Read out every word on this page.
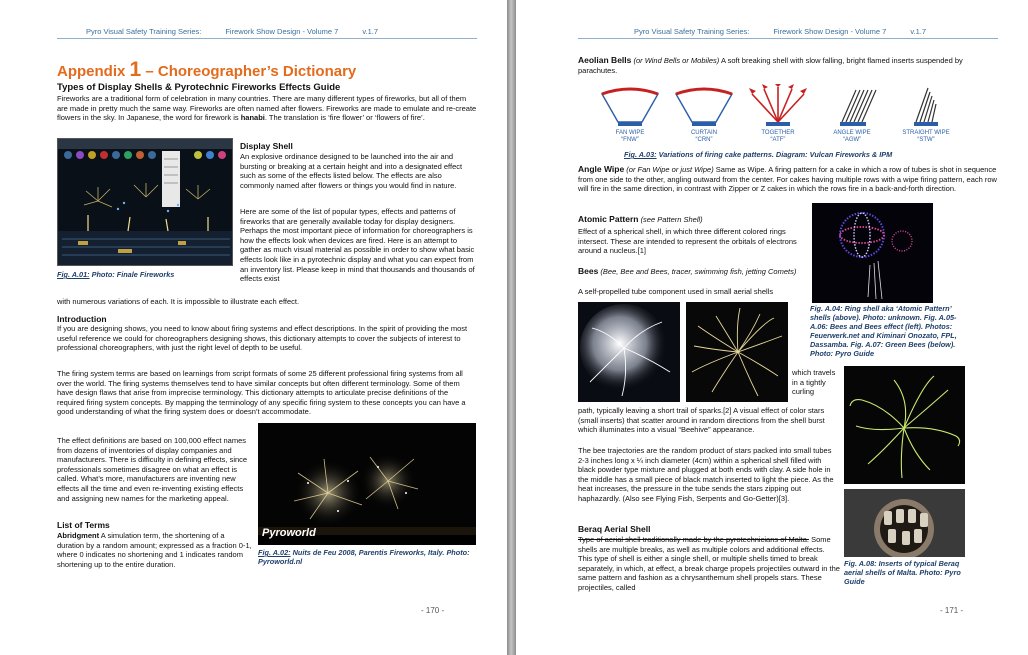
Pyro Visual Safety Training Series:	Firework Show Design - Volume 7	v.1.7
Appendix 1 – Choreographer’s Dictionary
Types of Display Shells & Pyrotechnic Fireworks Effects Guide
Fireworks are a traditional form of celebration in many countries. There are many different types of fireworks, but all of them are made in pretty much the same way. Fireworks are often named after flowers. Fireworks are made to emulate and re-create flowers in the sky. In Japanese, the word for firework is hanabi. The translation is ‘fire flower’ or ‘flowers of fire’.
Fig. A.01: Photo: Finale Fireworks
Display Shell
An explosive ordinance designed to be launched into the air and bursting or breaking at a certain height and into a designated effect such as some of the effects listed below. The effects are also commonly named after flowers or things you would find in nature.
Here are some of the list of popular types, effects and patterns of fireworks that are generally available today for display designers. Perhaps the most important piece of information for choreographers is how the effects look when devices are fired. Here is an attempt to gather as much visual material as possible in order to show what basic effects look like in a pyrotechnic display and what you can expect from an inventory list. Please keep in mind that thousands and thousands of effects exist
with numerous variations of each. It is impossible to illustrate each effect.
Introduction
If you are designing shows, you need to know about firing systems and effect descriptions. In the spirit of providing the most useful reference we could for choreographers designing shows, this dictionary attempts to cover the subjects of interest to professional choreographers, with just the right level of depth to be useful.
The firing system terms are based on learnings from script formats of some 25 different professional firing systems from all over the world. The firing systems themselves tend to have similar concepts but often different terminology. Some of them have design flaws that arise from imprecise terminology. This dictionary attempts to articulate precise definitions of the required firing system concepts. By mapping the terminology of any specific firing system to these concepts you can have a good understanding of what the firing system does or doesn’t accommodate.
The effect definitions are based on 100,000 effect names from dozens of inventories of display companies and manufacturers. There is difficulty in defining effects, since professionals sometimes disagree on what an effect is called. What’s more, manufacturers are inventing new effects all the time and even re-inventing existing effects and assigning new names for the marketing appeal.
Pyroworld
Fig. A.02: Nuits de Feu 2008, Parentis Fireworks, Italy. Photo: Pyroworld.nl
List of Terms
Abridgment A simulation term, the shortening of a duration by a random amount; expressed as a fraction 0-1, where 0 indicates no shortening and 1 indicates random shortening up to the entire duration.
- 170 -
Pyro Visual Safety Training Series:	Firework Show Design - Volume 7	v.1.7
Aeolian Bells (or Wind Bells or Mobiles) A soft breaking shell with slow falling, bright flamed inserts suspended by parachutes.
FAN WIPE
“FNW”
CURTAIN
“CRN”
TOGETHER
“ATF”
ANGLE WIPE
“AGW”
STRAIGHT WIPE
“STW”
Fig. A.03: Variations of firing cake patterns. Diagram: Vulcan Fireworks & IPM
Angle Wipe (or Fan Wipe or just Wipe) Same as Wipe. A firing pattern for a cake in which a row of tubes is shot in sequence from one side to the other, angling outward from the center. For cakes having multiple rows with a wipe firing pattern, each row will fire in the same direction, in contrast with Zipper or Z cakes in which the rows fire in a back-and-forth direction.
Atomic Pattern (see Pattern Shell)
Effect of a spherical shell, in which three different colored rings intersect. These are intended to represent the orbitals of electrons around a nucleus.[1]
Bees (Bee, Bee and Bees, tracer, swimming fish, jetting Comets)
A self-propelled tube component used in small aerial shells
Fig. A.04: Ring shell aka ‘Atomic Pattern’ shells (above). Photo: unknown. Fig. A.05-A.06: Bees and Bees effect (left). Photos: Feuerwerk.net and Kiminari Onozato, FPL, Dassamba. Fig. A.07: Green Bees (below). Photo: Pyro Guide
which travels in a tightly curling
path, typically leaving a short trail of sparks.[2] A visual effect of color stars (small inserts) that scatter around in random directions from the shell burst which illuminates into a visual “Beehive” appearance.
The bee trajectories are the random product of stars packed into small tubes 2-3 inches long x ¼ inch diameter (4cm) within a spherical shell filled with black powder type mixture and plugged at both ends with clay. A side hole in the middle has a small piece of black match inserted to light the piece. As the heat increases, the pressure in the tube sends the stars zipping out haphazardly. (Also see Flying Fish, Serpents and Go-Getter)[3].
Fig. A.08: Inserts of typical Beraq aerial shells of Malta. Photo: Pyro Guide
Beraq Aerial Shell
Type of aerial shell traditionally made by the pyrotechnicians of Malta. Some shells are multiple breaks, as well as multiple colors and additional effects. This type of shell is either a single shell, or multiple shells timed to break separately, in which, at effect, a break charge propels projectiles outward in the same pattern and fashion as a chrysanthemum shell propels stars. These projectiles, called
- 171 -
